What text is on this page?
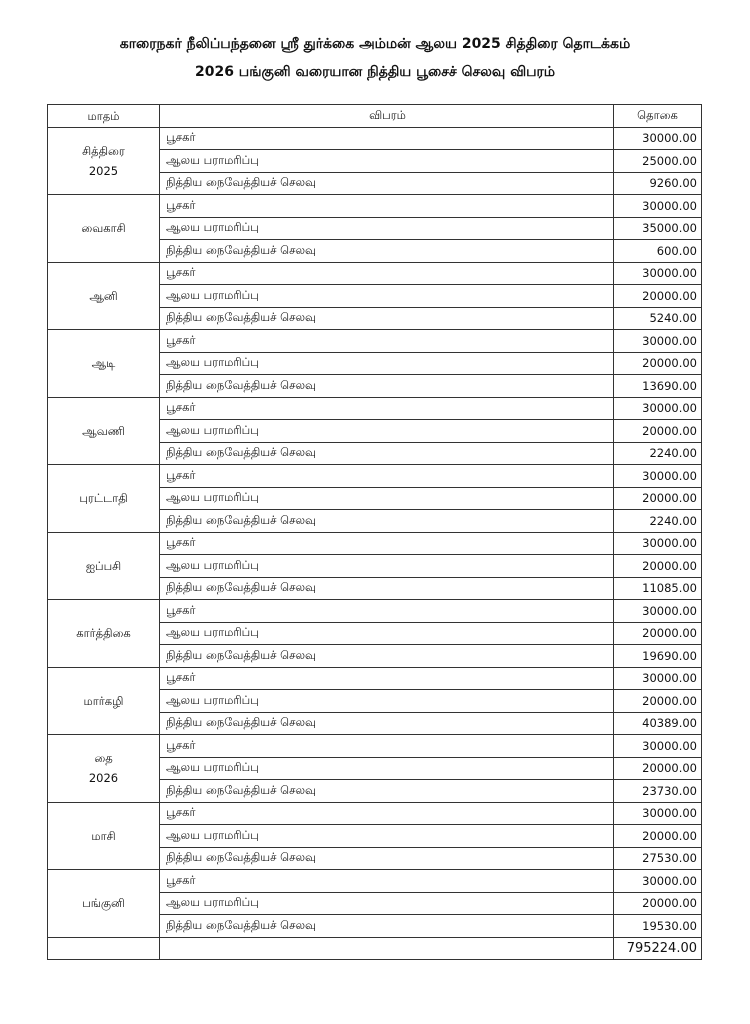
காரைநகர் நீலிப்பந்தனை ஸ்ரீ துர்க்கை அம்மன் ஆலய 2025 சித்திரை தொடக்கம்
2026 பங்குனி வரையான நித்திய பூசைச் செலவு விபரம்
மாதம்	விபரம்	தொகை

சித்திரை
2025	பூசகர்	30000.00
	ஆலய பராமரிப்பு	25000.00
	நித்திய நைவேத்தியச் செலவு	9260.00

வைகாசி	பூசகர்	30000.00
	ஆலய பராமரிப்பு	35000.00
	நித்திய நைவேத்தியச் செலவு	600.00

ஆனி	பூசகர்	30000.00
	ஆலய பராமரிப்பு	20000.00
	நித்திய நைவேத்தியச் செலவு	5240.00

ஆடி	பூசகர்	30000.00
	ஆலய பராமரிப்பு	20000.00
	நித்திய நைவேத்தியச் செலவு	13690.00

ஆவணி	பூசகர்	30000.00
	ஆலய பராமரிப்பு	20000.00
	நித்திய நைவேத்தியச் செலவு	2240.00

புரட்டாதி	பூசகர்	30000.00
	ஆலய பராமரிப்பு	20000.00
	நித்திய நைவேத்தியச் செலவு	2240.00

ஐப்பசி	பூசகர்	30000.00
	ஆலய பராமரிப்பு	20000.00
	நித்திய நைவேத்தியச் செலவு	11085.00

கார்த்திகை	பூசகர்	30000.00
	ஆலய பராமரிப்பு	20000.00
	நித்திய நைவேத்தியச் செலவு	19690.00

மார்கழி	பூசகர்	30000.00
	ஆலய பராமரிப்பு	20000.00
	நித்திய நைவேத்தியச் செலவு	40389.00

தை
2026	பூசகர்	30000.00
	ஆலய பராமரிப்பு	20000.00
	நித்திய நைவேத்தியச் செலவு	23730.00

மாசி	பூசகர்	30000.00
	ஆலய பராமரிப்பு	20000.00
	நித்திய நைவேத்தியச் செலவு	27530.00

பங்குனி	பூசகர்	30000.00
	ஆலய பராமரிப்பு	20000.00
	நித்திய நைவேத்தியச் செலவு	19530.00
		795224.00
